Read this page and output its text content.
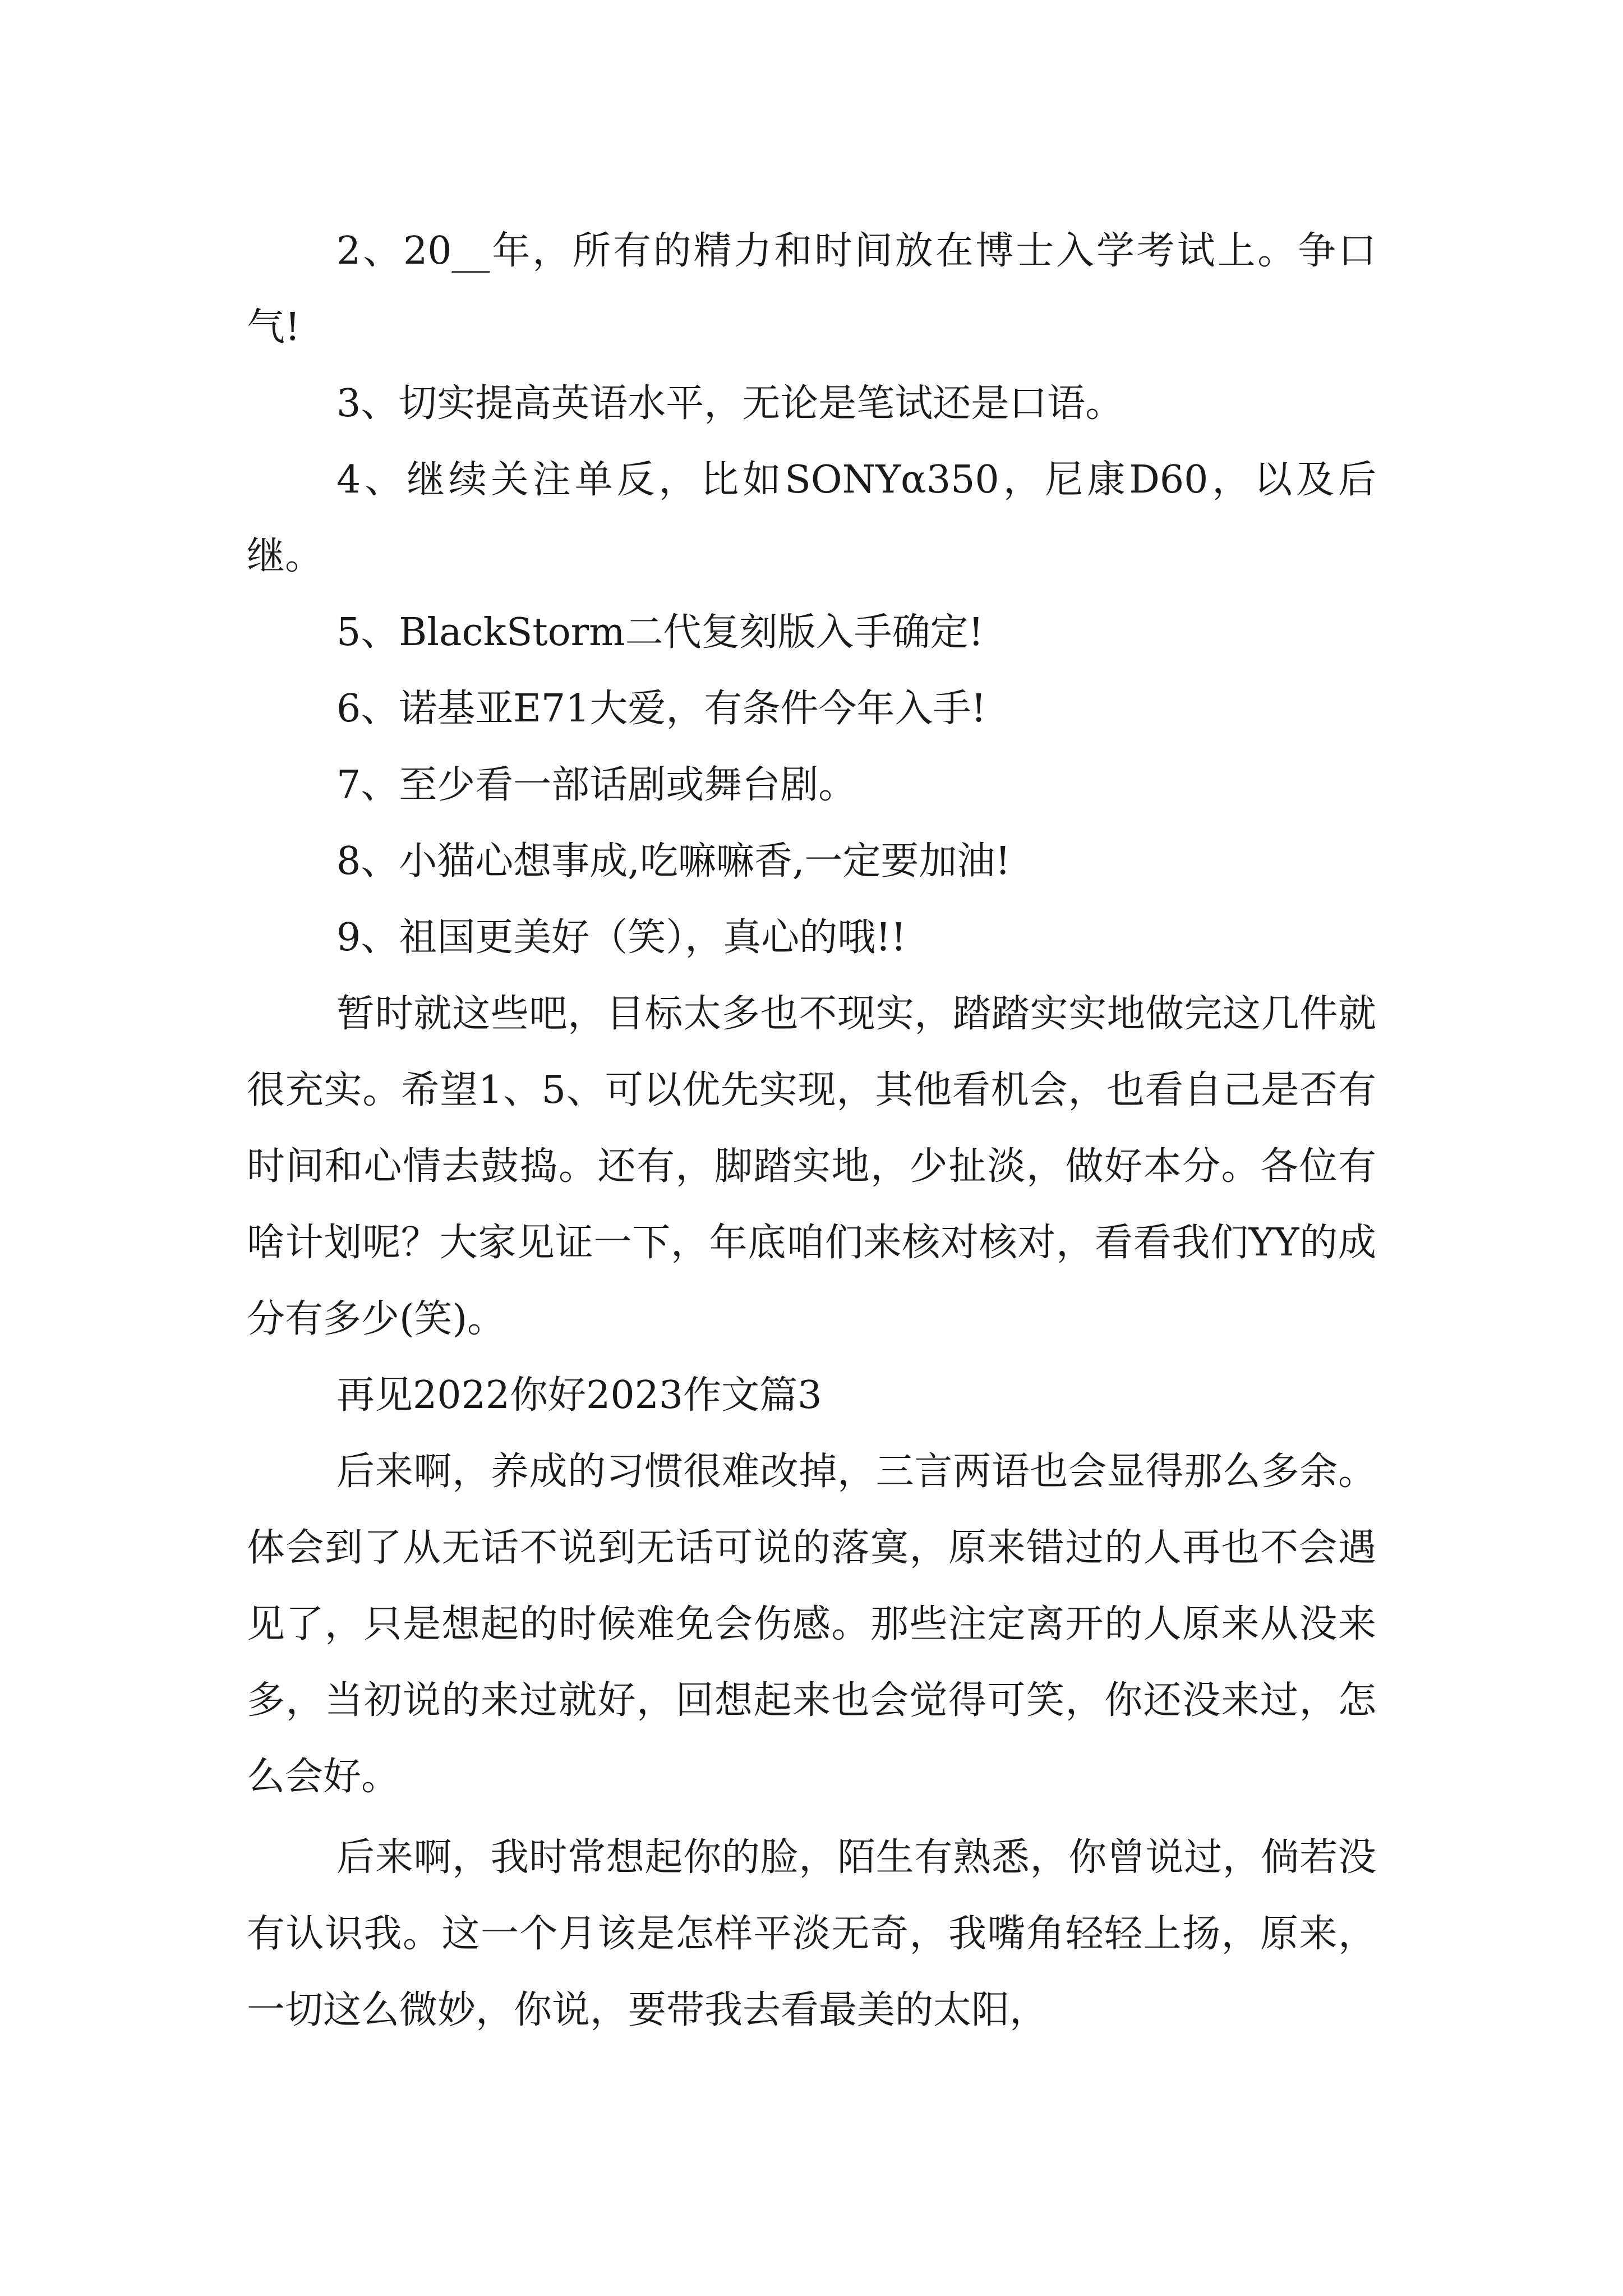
2、20__年，所有的精力和时间放在博士入学考试上。争口气!

3、切实提高英语水平，无论是笔试还是口语。

4、继续关注单反，比如SONYα350，尼康D60，以及后继。

5、BlackStorm二代复刻版入手确定!

6、诺基亚E71大爱，有条件今年入手!

7、至少看一部话剧或舞台剧。

8、小猫心想事成,吃嘛嘛香,一定要加油!

9、祖国更美好（笑），真心的哦!!

暂时就这些吧，目标太多也不现实，踏踏实实地做完这几件就很充实。希望1、5、可以优先实现，其他看机会，也看自己是否有时间和心情去鼓捣。还有，脚踏实地，少扯淡，做好本分。各位有啥计划呢？大家见证一下，年底咱们来核对核对，看看我们YY的成分有多少(笑)。

再见2022你好2023作文篇3

后来啊，养成的习惯很难改掉，三言两语也会显得那么多余。体会到了从无话不说到无话可说的落寞，原来错过的人再也不会遇见了，只是想起的时候难免会伤感。那些注定离开的人原来从没来多，当初说的来过就好，回想起来也会觉得可笑，你还没来过，怎么会好。

后来啊，我时常想起你的脸，陌生有熟悉，你曾说过，倘若没有认识我。这一个月该是怎样平淡无奇，我嘴角轻轻上扬，原来，一切这么微妙，你说，要带我去看最美的太阳，
